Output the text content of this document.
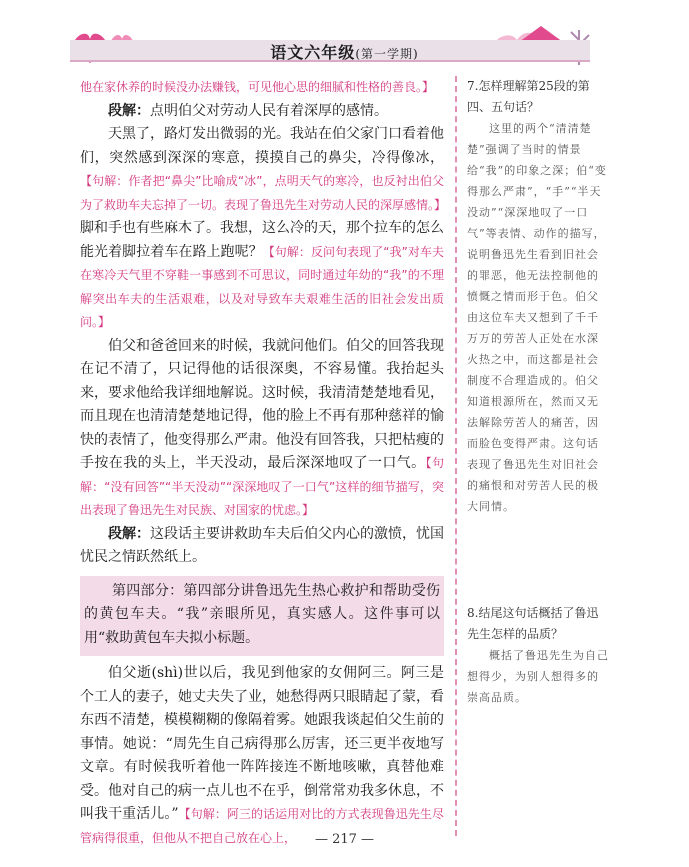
语文六年级(第一学期)

他在家休养的时候没办法赚钱，可见他心思的细腻和性格的善良。】

段解：点明伯父对劳动人民有着深厚的感情。

天黑了，路灯发出微弱的光。我站在伯父家门口看着他们，突然感到深深的寒意，摸摸自己的鼻尖，冷得像冰，【句解：作者把“鼻尖”比喻成“冰”，点明天气的寒冷，也反衬出伯父为了救助车夫忘掉了一切。表现了鲁迅先生对劳动人民的深厚感情。】脚和手也有些麻木了。我想，这么冷的天，那个拉车的怎么能光着脚拉着车在路上跑呢？【句解：反问句表现了“我”对车夫在寒冷天气里不穿鞋一事感到不可思议，同时通过年幼的“我”的不理解突出车夫的生活艰难，以及对导致车夫艰难生活的旧社会发出质问。】

伯父和爸爸回来的时候，我就问他们。伯父的回答我现在记不清了，只记得他的话很深奥，不容易懂。我抬起头来，要求他给我详细地解说。这时候，我清清楚楚地看见，而且现在也清清楚楚地记得，他的脸上不再有那种慈祥的愉快的表情了，他变得那么严肃。他没有回答我，只把枯瘦的手按在我的头上，半天没动，最后深深地叹了一口气。【句解：“没有回答”“半天没动”“深深地叹了一口气”这样的细节描写，突出表现了鲁迅先生对民族、对国家的忧虑。】

段解：这段话主要讲救助车夫后伯父内心的激愤，忧国忧民之情跃然纸上。

第四部分：第四部分讲鲁迅先生热心救护和帮助受伤的黄包车夫。“我”亲眼所见，真实感人。这件事可以用“救助黄包车夫拟小标题。

伯父逝(shì)世以后，我见到他家的女佣阿三。阿三是个工人的妻子，她丈夫失了业，她愁得两只眼睛起了蒙，看东西不清楚，模模糊糊的像隔着雾。她跟我谈起伯父生前的事情。她说：“周先生自己病得那么厉害，还三更半夜地写文章。有时候我听着他一阵阵接连不断地咳嗽，真替他难受。他对自己的病一点儿也不在乎，倒常常劝我多休息，不叫我干重活儿。”【句解：阿三的话运用对比的方式表现鲁迅先生尽管病得很重，但他从不把自己放在心上，

7.怎样理解第25段的第四、五句话？

这里的两个“清清楚楚”强调了当时的情景给“我”的印象之深；伯“变得那么严肃”，“手”“半天没动”“深深地叹了一口气”等表情、动作的描写，说明鲁迅先生看到旧社会的罪恶，他无法控制他的愤慨之情而形于色。伯父由这位车夫又想到了千千万万的劳苦人正处在水深火热之中，而这都是社会制度不合理造成的。伯父知道根源所在，然而又无法解除劳苦人的痛苦，因而脸色变得严肃。这句话表现了鲁迅先生对旧社会的痛恨和对劳苦人民的极大同情。

8.结尾这句话概括了鲁迅先生怎样的品质？

概括了鲁迅先生为自己想得少，为别人想得多的崇高品质。

— 217 —
